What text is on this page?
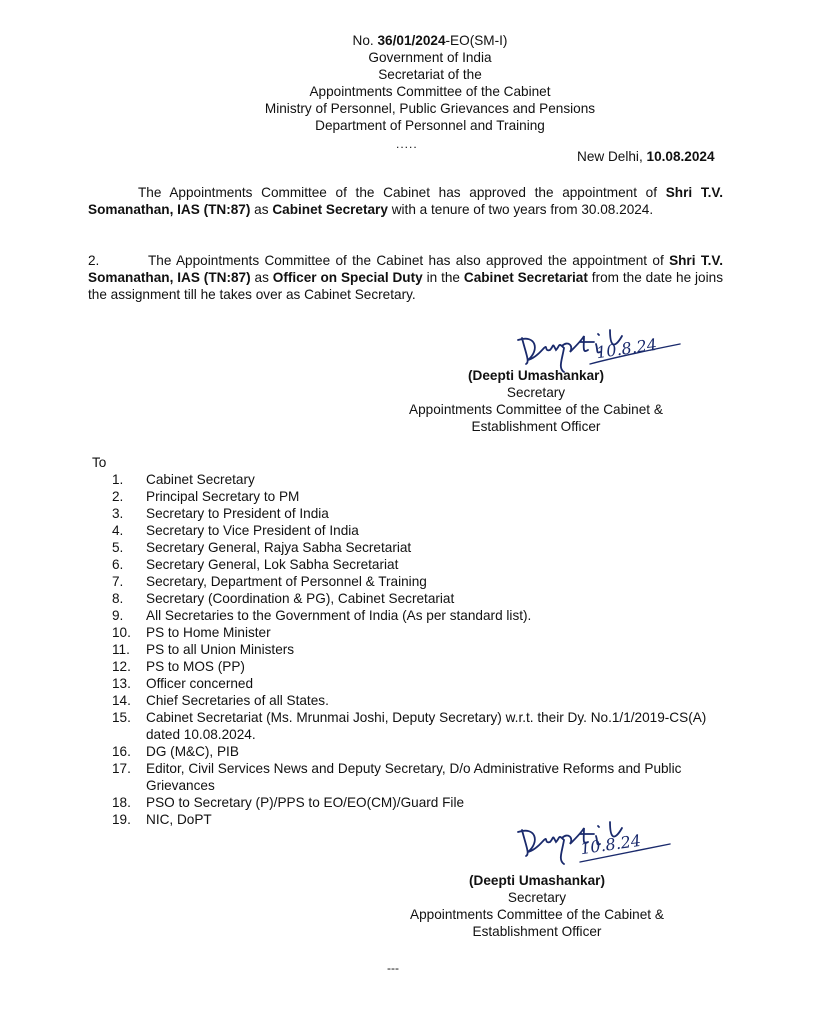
No. 36/01/2024-EO(SM-I)
Government of India
Secretariat of the
Appointments Committee of the Cabinet
Ministry of Personnel, Public Grievances and Pensions
Department of Personnel and Training
.....
New Delhi, 10.08.2024
The Appointments Committee of the Cabinet has approved the appointment of Shri T.V. Somanathan, IAS (TN:87) as Cabinet Secretary with a tenure of two years from 30.08.2024.
2.	The Appointments Committee of the Cabinet has also approved the appointment of Shri T.V. Somanathan, IAS (TN:87) as Officer on Special Duty in the Cabinet Secretariat from the date he joins the assignment till he takes over as Cabinet Secretary.
10.8.24
(Deepti Umashankar)
Secretary
Appointments Committee of the Cabinet &
Establishment Officer
To
1.	Cabinet Secretary
2.	Principal Secretary to PM
3.	Secretary to President of India
4.	Secretary to Vice President of India
5.	Secretary General, Rajya Sabha Secretariat
6.	Secretary General, Lok Sabha Secretariat
7.	Secretary, Department of Personnel & Training
8.	Secretary (Coordination & PG), Cabinet Secretariat
9.	All Secretaries to the Government of India (As per standard list).
10.	PS to Home Minister
11.	PS to all Union Ministers
12.	PS to MOS (PP)
13.	Officer concerned
14.	Chief Secretaries of all States.
15.	Cabinet Secretariat (Ms. Mrunmai Joshi, Deputy Secretary) w.r.t. their Dy. No.1/1/2019-CS(A) dated 10.08.2024.
16.	DG (M&C), PIB
17.	Editor, Civil Services News and Deputy Secretary, D/o Administrative Reforms and Public Grievances
18.	PSO to Secretary (P)/PPS to EO/EO(CM)/Guard File
19.	NIC, DoPT
10.8.24
(Deepti Umashankar)
Secretary
Appointments Committee of the Cabinet &
Establishment Officer
---
